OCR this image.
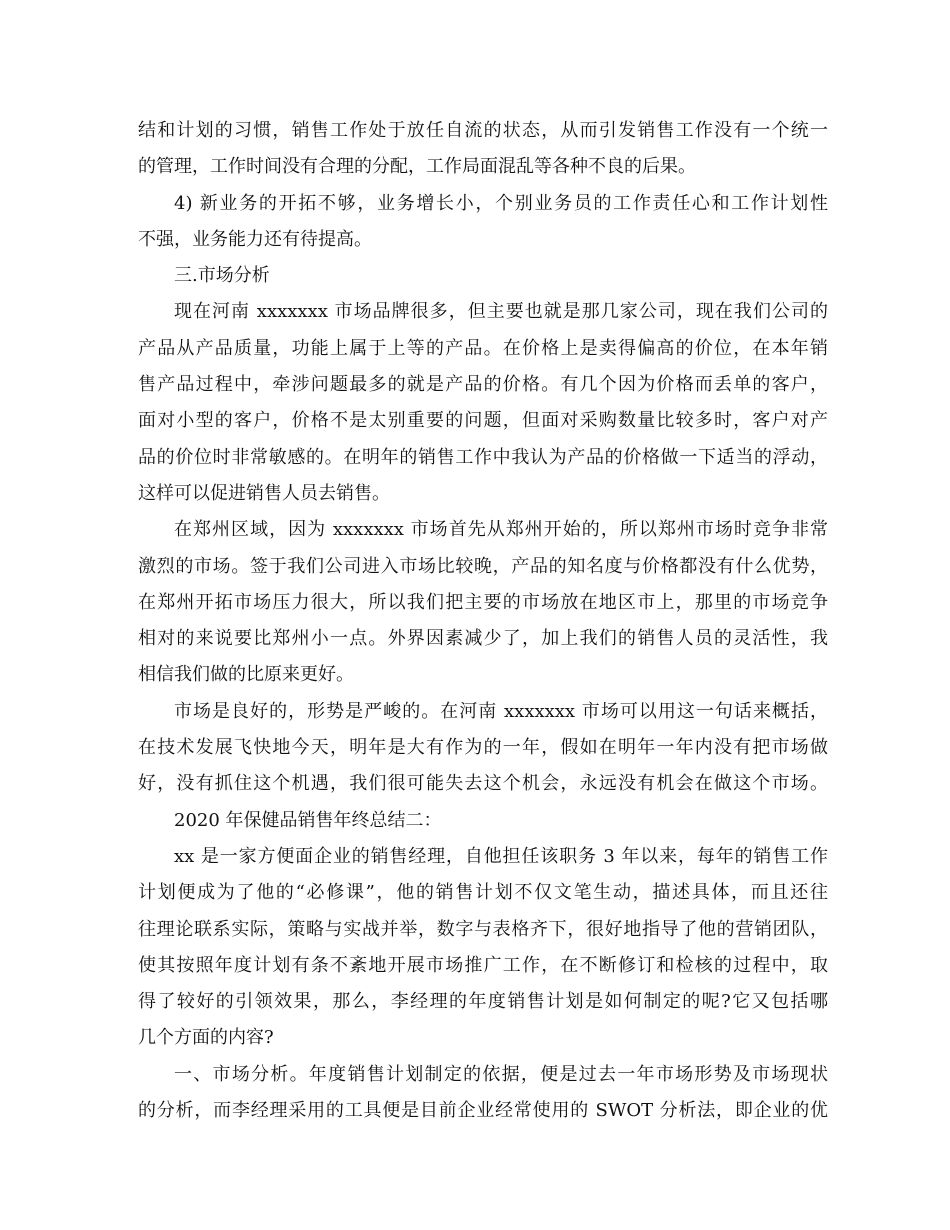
结和计划的习惯，销售工作处于放任自流的状态，从而引发销售工作没有一个统一
的管理，工作时间没有合理的分配，工作局面混乱等各种不良的后果。
4) 新业务的开拓不够，业务增长小，个别业务员的工作责任心和工作计划性
不强，业务能力还有待提高。
三.市场分析
现在河南 xxxxxxx 市场品牌很多，但主要也就是那几家公司，现在我们公司的
产品从产品质量，功能上属于上等的产品。在价格上是卖得偏高的价位，在本年销
售产品过程中，牵涉问题最多的就是产品的价格。有几个因为价格而丢单的客户，
面对小型的客户，价格不是太别重要的问题，但面对采购数量比较多时，客户对产
品的价位时非常敏感的。在明年的销售工作中我认为产品的价格做一下适当的浮动，
这样可以促进销售人员去销售。
在郑州区域，因为 xxxxxxx 市场首先从郑州开始的，所以郑州市场时竞争非常
激烈的市场。签于我们公司进入市场比较晚，产品的知名度与价格都没有什么优势，
在郑州开拓市场压力很大，所以我们把主要的市场放在地区市上，那里的市场竞争
相对的来说要比郑州小一点。外界因素减少了，加上我们的销售人员的灵活性，我
相信我们做的比原来更好。
市场是良好的，形势是严峻的。在河南 xxxxxxx 市场可以用这一句话来概括，
在技术发展飞快地今天，明年是大有作为的一年，假如在明年一年内没有把市场做
好，没有抓住这个机遇，我们很可能失去这个机会，永远没有机会在做这个市场。
2020 年保健品销售年终总结二：
xx 是一家方便面企业的销售经理，自他担任该职务 3 年以来，每年的销售工作
计划便成为了他的“必修课”，他的销售计划不仅文笔生动，描述具体，而且还往
往理论联系实际，策略与实战并举，数字与表格齐下，很好地指导了他的营销团队，
使其按照年度计划有条不紊地开展市场推广工作，在不断修订和检核的过程中，取
得了较好的引领效果，那么，李经理的年度销售计划是如何制定的呢?它又包括哪
几个方面的内容?
一、市场分析。年度销售计划制定的依据，便是过去一年市场形势及市场现状
的分析，而李经理采用的工具便是目前企业经常使用的 SWOT 分析法，即企业的优
